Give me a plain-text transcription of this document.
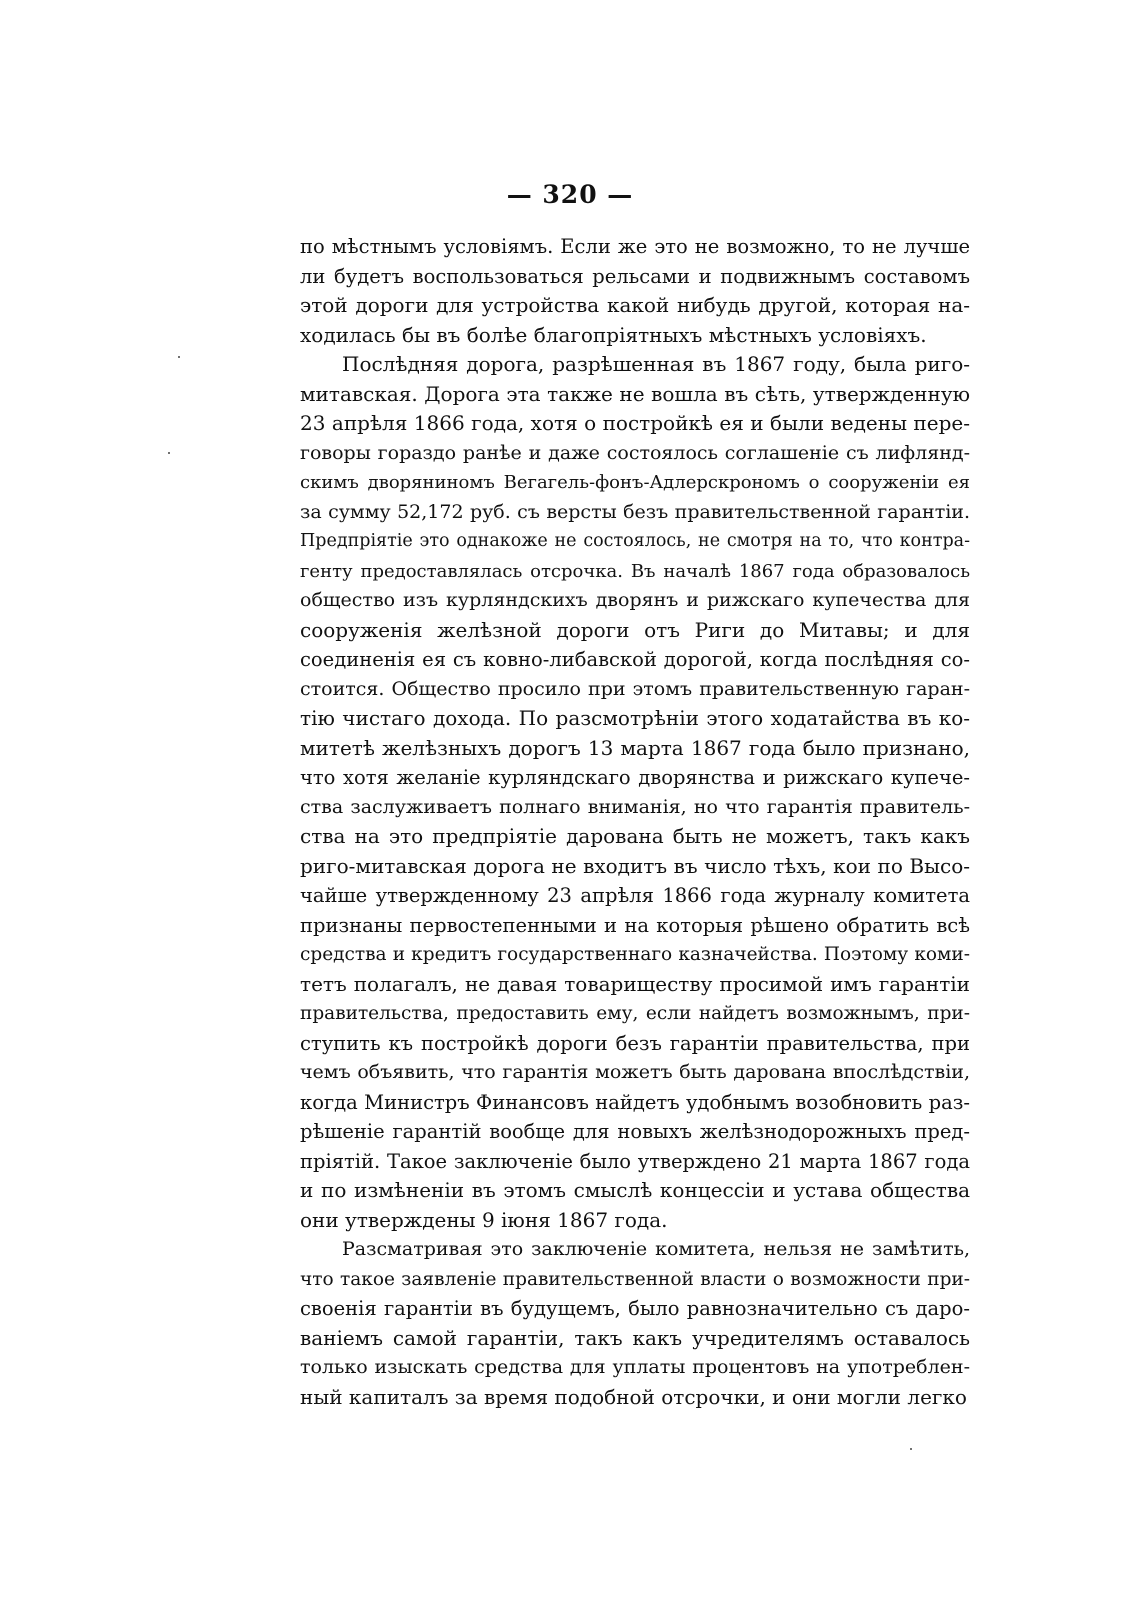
— 320 —
по мѣстнымъ условіямъ. Если же это не возможно, то не лучше
ли будетъ воспользоваться рельсами и подвижнымъ составомъ
этой дороги для устройства какой нибудь другой, которая на-
ходилась бы въ болѣе благопріятныхъ мѣстныхъ условіяхъ.
Послѣдняя дорога, разрѣшенная въ 1867 году, была риго-
митавская. Дорога эта также не вошла въ сѣть, утвержденную
23 апрѣля 1866 года, хотя о постройкѣ ея и были ведены пере-
говоры гораздо ранѣе и даже состоялось соглашеніе съ лифлянд-
скимъ дворяниномъ Вегагель-фонъ-Адлерскрономъ о сооруженіи ея
за сумму 52,172 руб. съ версты безъ правительственной гарантіи.
Предпріятіе это однакоже не состоялось, не смотря на то, что контра-
генту предоставлялась отсрочка. Въ началѣ 1867 года образовалось
общество изъ курляндскихъ дворянъ и рижскаго купечества для
сооруженія желѣзной дороги отъ Риги до Митавы; и для
соединенія ея съ ковно-либавской дорогой, когда послѣдняя со-
стоится. Общество просило при этомъ правительственную гаран-
тію чистаго дохода. По разсмотрѣніи этого ходатайства въ ко-
митетѣ желѣзныхъ дорогъ 13 марта 1867 года было признано,
что хотя желаніе курляндскаго дворянства и рижскаго купече-
ства заслуживаетъ полнаго вниманія, но что гарантія правитель-
ства на это предпріятіе дарована быть не можетъ, такъ какъ
риго-митавская дорога не входитъ въ число тѣхъ, кои по Высо-
чайше утвержденному 23 апрѣля 1866 года журналу комитета
признаны первостепенными и на которыя рѣшено обратить всѣ
средства и кредитъ государственнаго казначейства. Поэтому коми-
тетъ полагалъ, не давая товариществу просимой имъ гарантіи
правительства, предоставить ему, если найдетъ возможнымъ, при-
ступить къ постройкѣ дороги безъ гарантіи правительства, при
чемъ объявить, что гарантія можетъ быть дарована впослѣдствіи,
когда Министръ Финансовъ найдетъ удобнымъ возобновить раз-
рѣшеніе гарантій вообще для новыхъ желѣзнодорожныхъ пред-
пріятій. Такое заключеніе было утверждено 21 марта 1867 года
и по измѣненіи въ этомъ смыслѣ концессіи и устава общества
они утверждены 9 іюня 1867 года.
Разсматривая это заключеніе комитета, нельзя не замѣтить,
что такое заявленіе правительственной власти о возможности при-
своенія гарантіи въ будущемъ, было равнозначительно съ даро-
ваніемъ самой гарантіи, такъ какъ учредителямъ оставалось
только изыскать средства для уплаты процентовъ на употреблен-
ный капиталъ за время подобной отсрочки, и они могли легко
